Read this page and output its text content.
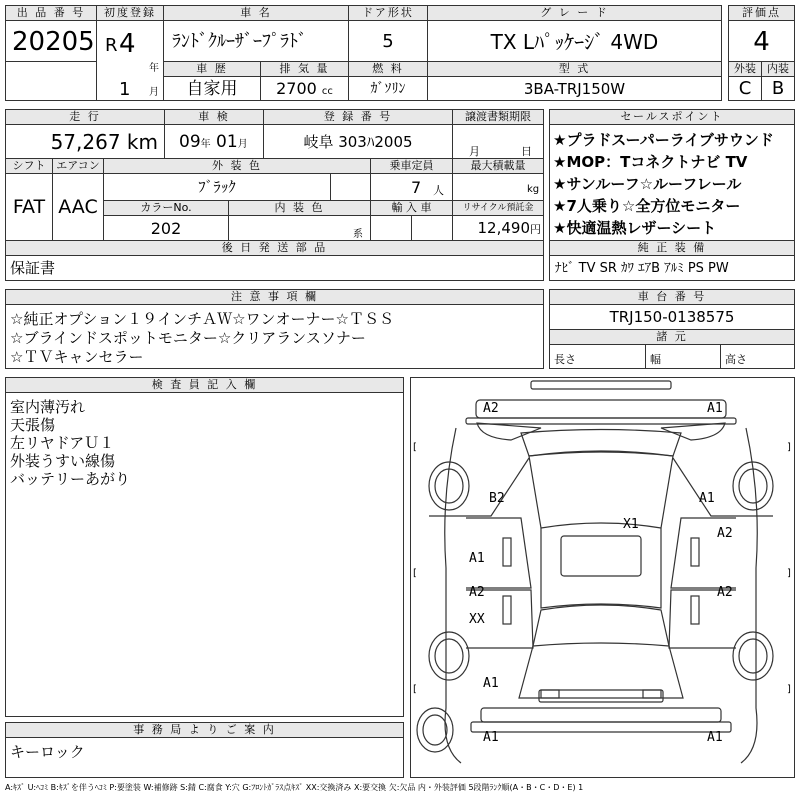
出 品 番 号
20205
初度登録
R 4
年
1 月
車 名
ﾗﾝﾄﾞｸﾙｰｻﾞｰﾌﾟﾗﾄﾞ
ドア形状
5
グ レ ー ド
TX Lﾊﾟｯｹｰｼﾞ 4WD
評価点
4
車 歴
自家用
排 気 量
2700 cc
燃 料
ｶﾞｿﾘﾝ
型 式
3BA-TRJ150W
外装	内装
C	B
走 行
57,267 km
車 検
09年 01月
登 録 番 号
岐阜 303ﾊ2005
譲渡書類期限
月	日
シフト
FAT
エアコン
AAC
外 装 色
ﾌﾞﾗｯｸ
乗車定員
7 人
最大積載量
kg
カラーNo.
202
内 装 色
系
輸 入 車	リサイクル預託金
12,490円
後 日 発 送 部 品
保証書
セールスポイント
★プラドスーパーライブサウンド
★MOP：Tコネクトナビ TV
★サンルーフ☆ルーフレール
★7人乗り☆全方位モニター
★快適温熱レザーシート
純 正 装 備
ﾅﾋﾞ TV SR ｶﾜ ｴｱB ｱﾙﾐ PS PW
注 意 事 項 欄
☆純正オプション１９インチＡＷ☆ワンオーナー☆ＴＳＳ
☆ブラインドスポットモニター☆クリアランスソナー
☆ＴＶキャンセラー
車 台 番 号
TRJ150-0138575
諸 元
長さ	幅	高さ
検 査 員 記 入 欄
室内薄汚れ
天張傷
左リヤドアＵ１
外装うすい線傷
バッテリーあがり
事 務 局 よ り ご 案 内
キーロック
A2	A1
B2	A1
X1
A1
A2
A2	A2
XX
A1
A1	A1
[	]
[	]
[	]
A:ｷｽﾞ U:ﾍｺﾐ B:ｷｽﾞを伴うﾍｺﾐ P:要塗装 W:補修跡 S:錆 C:腐食 Y:穴 G:ﾌﾛﾝﾄｶﾞﾗｽ点ｷｽﾞ XX:交換済み X:要交換 欠:欠品 内・外装評価 5段階ﾗﾝｸ順(A・B・C・D・E) 1
